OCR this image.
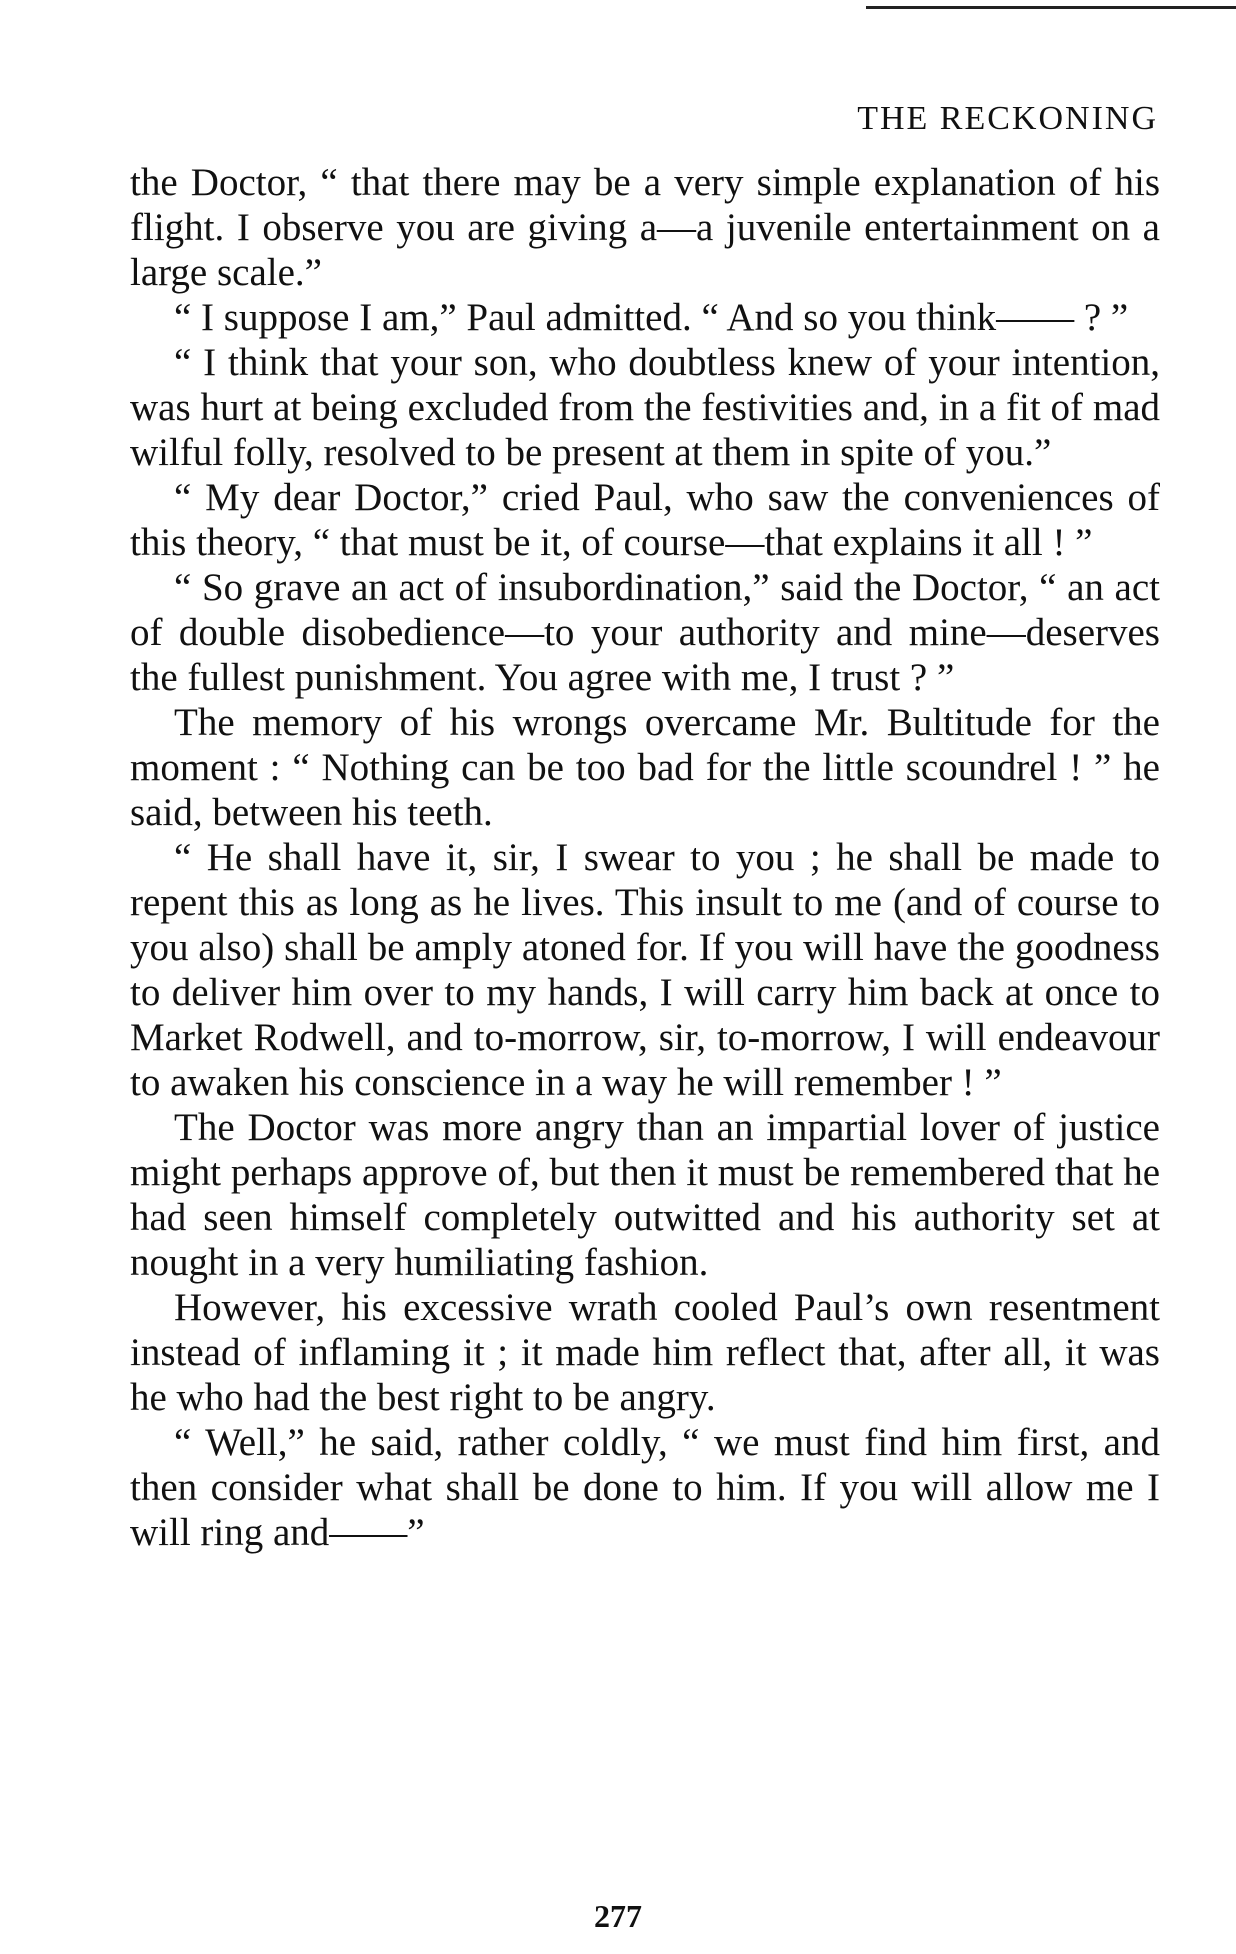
THE RECKONING

the Doctor, “ that there may be a very simple explanation of his flight. I observe you are giving a—a juvenile entertainment on a large scale.”

“ I suppose I am,” Paul admitted. “ And so you think—— ? ”

“ I think that your son, who doubtless knew of your intention, was hurt at being excluded from the festivities and, in a fit of mad wilful folly, resolved to be present at them in spite of you.”

“ My dear Doctor,” cried Paul, who saw the conveniences of this theory, “ that must be it, of course—that explains it all ! ”

“ So grave an act of insubordination,” said the Doctor, “ an act of double disobedience—to your authority and mine—deserves the fullest punishment. You agree with me, I trust ? ”

The memory of his wrongs overcame Mr. Bultitude for the moment : “ Nothing can be too bad for the little scoundrel ! ” he said, between his teeth.

“ He shall have it, sir, I swear to you ; he shall be made to repent this as long as he lives. This insult to me (and of course to you also) shall be amply atoned for. If you will have the goodness to deliver him over to my hands, I will carry him back at once to Market Rodwell, and to-morrow, sir, to-morrow, I will endeavour to awaken his conscience in a way he will remember ! ”

The Doctor was more angry than an impartial lover of justice might perhaps approve of, but then it must be remembered that he had seen himself completely outwitted and his authority set at nought in a very humiliating fashion.

However, his excessive wrath cooled Paul’s own resentment instead of inflaming it ; it made him reflect that, after all, it was he who had the best right to be angry.

“ Well,” he said, rather coldly, “ we must find him first, and then consider what shall be done to him. If you will allow me I will ring and——”

277
